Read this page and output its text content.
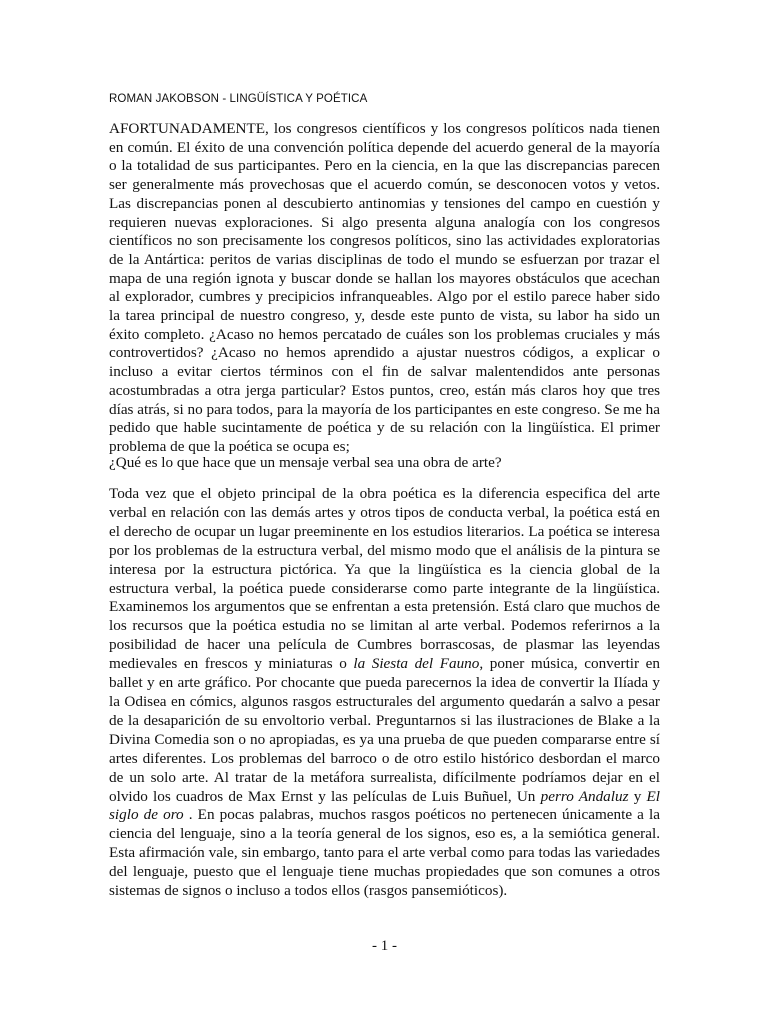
ROMAN JAKOBSON - LINGÜÍSTICA Y POÉTICA

AFORTUNADAMENTE, los congresos científicos y los congresos políticos nada tienen en común. El éxito de una convención política depende del acuerdo general de la mayoría o la totalidad de sus participantes. Pero en la ciencia, en la que las discrepancias parecen ser generalmente más provechosas que el acuerdo común, se desconocen votos y vetos. Las discrepancias ponen al descubierto antinomias y tensiones del campo en cuestión y requieren nuevas exploraciones. Si algo presenta alguna analogía con los congresos científicos no son precisamente los congresos políticos, sino las actividades exploratorias de la Antártica: peritos de varias disciplinas de todo el mundo se esfuerzan por trazar el mapa de una región ignota y buscar donde se hallan los mayores obstáculos que acechan al explorador, cumbres y precipicios infranqueables. Algo por el estilo parece haber sido la tarea principal de nuestro congreso, y, desde este punto de vista, su labor ha sido un éxito completo. ¿Acaso no hemos percatado de cuáles son los problemas cruciales y más controvertidos? ¿Acaso no hemos aprendido a ajustar nuestros códigos, a explicar o incluso a evitar ciertos términos con el fin de salvar malentendidos ante personas acostumbradas a otra jerga particular? Estos puntos, creo, están más claros hoy que tres días atrás, si no para todos, para la mayoría de los participantes en este congreso. Se me ha pedido que hable sucintamente de poética y de su relación con la lingüística. El primer problema de que la poética se ocupa es;

¿Qué es lo que hace que un mensaje verbal sea una obra de arte?

Toda vez que el objeto principal de la obra poética es la diferencia especifica del arte verbal en relación con las demás artes y otros tipos de conducta verbal, la poética está en el derecho de ocupar un lugar preeminente en los estudios literarios. La poética se interesa por los problemas de la estructura verbal, del mismo modo que el análisis de la pintura se interesa por la estructura pictórica. Ya que la lingüística es la ciencia global de la estructura verbal, la poética puede considerarse como parte integrante de la lingüística. Examinemos los argumentos que se enfrentan a esta pretensión. Está claro que muchos de los recursos que la poética estudia no se limitan al arte verbal. Podemos referirnos a la posibilidad de hacer una película de Cumbres borrascosas, de plasmar las leyendas medievales en frescos y miniaturas o la Siesta del Fauno, poner música, convertir en ballet y en arte gráfico. Por chocante que pueda parecernos la idea de convertir la Ilíada y la Odisea en cómics, algunos rasgos estructurales del argumento quedarán a salvo a pesar de la desaparición de su envoltorio verbal. Preguntarnos si las ilustraciones de Blake a la Divina Comedia son o no apropiadas, es ya una prueba de que pueden compararse entre sí artes diferentes. Los problemas del barroco o de otro estilo histórico desbordan el marco de un solo arte. Al tratar de la metáfora surrealista, difícilmente podríamos dejar en el olvido los cuadros de Max Ernst y las películas de Luis Buñuel, Un perro Andaluz y El siglo de oro . En pocas palabras, muchos rasgos poéticos no pertenecen únicamente a la ciencia del lenguaje, sino a la teoría general de los signos, eso es, a la semiótica general. Esta afirmación vale, sin embargo, tanto para el arte verbal como para todas las variedades del lenguaje, puesto que el lenguaje tiene muchas propiedades que son comunes a otros sistemas de signos o incluso a todos ellos (rasgos pansemióticos).

- 1 -
